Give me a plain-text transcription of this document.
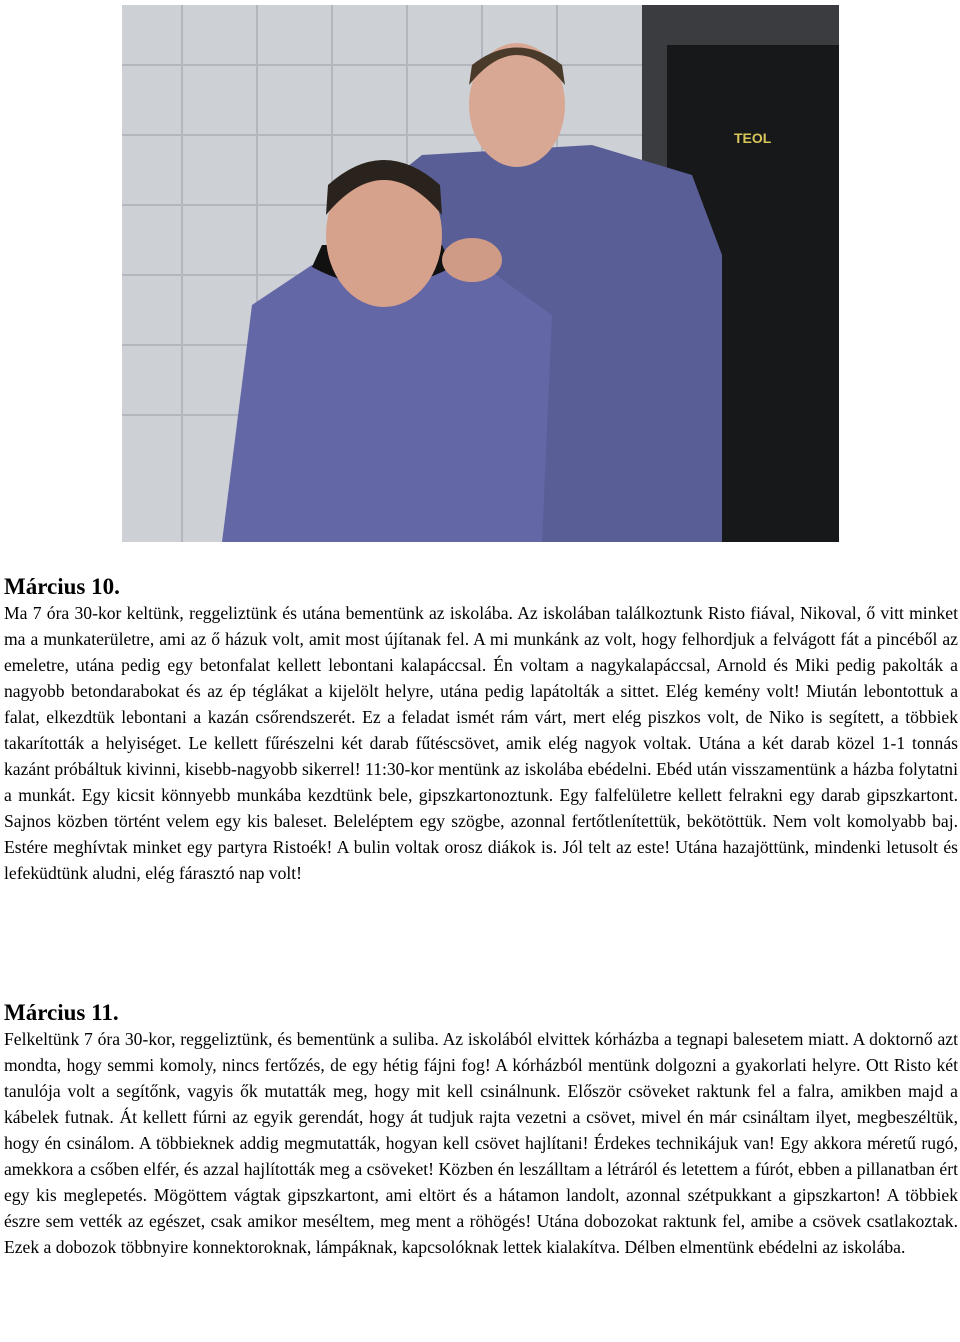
TEOL

Március 10.

Ma 7 óra 30-kor keltünk, reggeliztünk és utána bementünk az iskolába. Az iskolában találkoztunk Risto fiával, Nikoval, ő vitt minket ma a munkaterületre, ami az ő házuk volt, amit most újítanak fel. A mi munkánk az volt, hogy felhordjuk a felvágott fát a pincéből az emeletre, utána pedig egy betonfalat kellett lebontani kalapáccsal. Én voltam a nagykalapáccsal, Arnold és Miki pedig pakolták a nagyobb betondarabokat és az ép téglákat a kijelölt helyre, utána pedig lapátolták a sittet. Elég kemény volt! Miután lebontottuk a falat, elkezdtük lebontani a kazán csőrendszerét. Ez a feladat ismét rám várt, mert elég piszkos volt, de Niko is segített, a többiek takarították a helyiséget. Le kellett fűrészelni két darab fűtéscsövet, amik elég nagyok voltak. Utána a két darab közel 1-1 tonnás kazánt próbáltuk kivinni, kisebb-nagyobb sikerrel! 11:30-kor mentünk az iskolába ebédelni. Ebéd után visszamentünk a házba folytatni a munkát. Egy kicsit könnyebb munkába kezdtünk bele, gipszkartonoztunk. Egy falfelületre kellett felrakni egy darab gipszkartont. Sajnos közben történt velem egy kis baleset. Beleléptem egy szögbe, azonnal fertőtlenítettük, bekötöttük. Nem volt komolyabb baj. Estére meghívtak minket egy partyra Ristoék! A bulin voltak orosz diákok is. Jól telt az este! Utána hazajöttünk, mindenki letusolt és lefeküdtünk aludni, elég fárasztó nap volt!

Március 11.

Felkeltünk 7 óra 30-kor, reggeliztünk, és bementünk a suliba. Az iskolából elvittek kórházba a tegnapi balesetem miatt. A doktornő azt mondta, hogy semmi komoly, nincs fertőzés, de egy hétig fájni fog! A kórházból mentünk dolgozni a gyakorlati helyre. Ott Risto két tanulója volt a segítőnk, vagyis ők mutatták meg, hogy mit kell csinálnunk. Először csöveket raktunk fel a falra, amikben majd a kábelek futnak. Át kellett fúrni az egyik gerendát, hogy át tudjuk rajta vezetni a csövet, mivel én már csináltam ilyet, megbeszéltük, hogy én csinálom. A többieknek addig megmutatták, hogyan kell csövet hajlítani! Érdekes technikájuk van! Egy akkora méretű rugó, amekkora a csőben elfér, és azzal hajlították meg a csöveket! Közben én leszálltam a létráról és letettem a fúrót, ebben a pillanatban ért egy kis meglepetés. Mögöttem vágtak gipszkartont, ami eltört és a hátamon landolt, azonnal szétpukkant a gipszkarton! A többiek észre sem vették az egészet, csak amikor meséltem, meg ment a röhögés! Utána dobozokat raktunk fel, amibe a csövek csatlakoztak. Ezek a dobozok többnyire konnektoroknak, lámpáknak, kapcsolóknak lettek kialakítva. Délben elmentünk ebédelni az iskolába.
